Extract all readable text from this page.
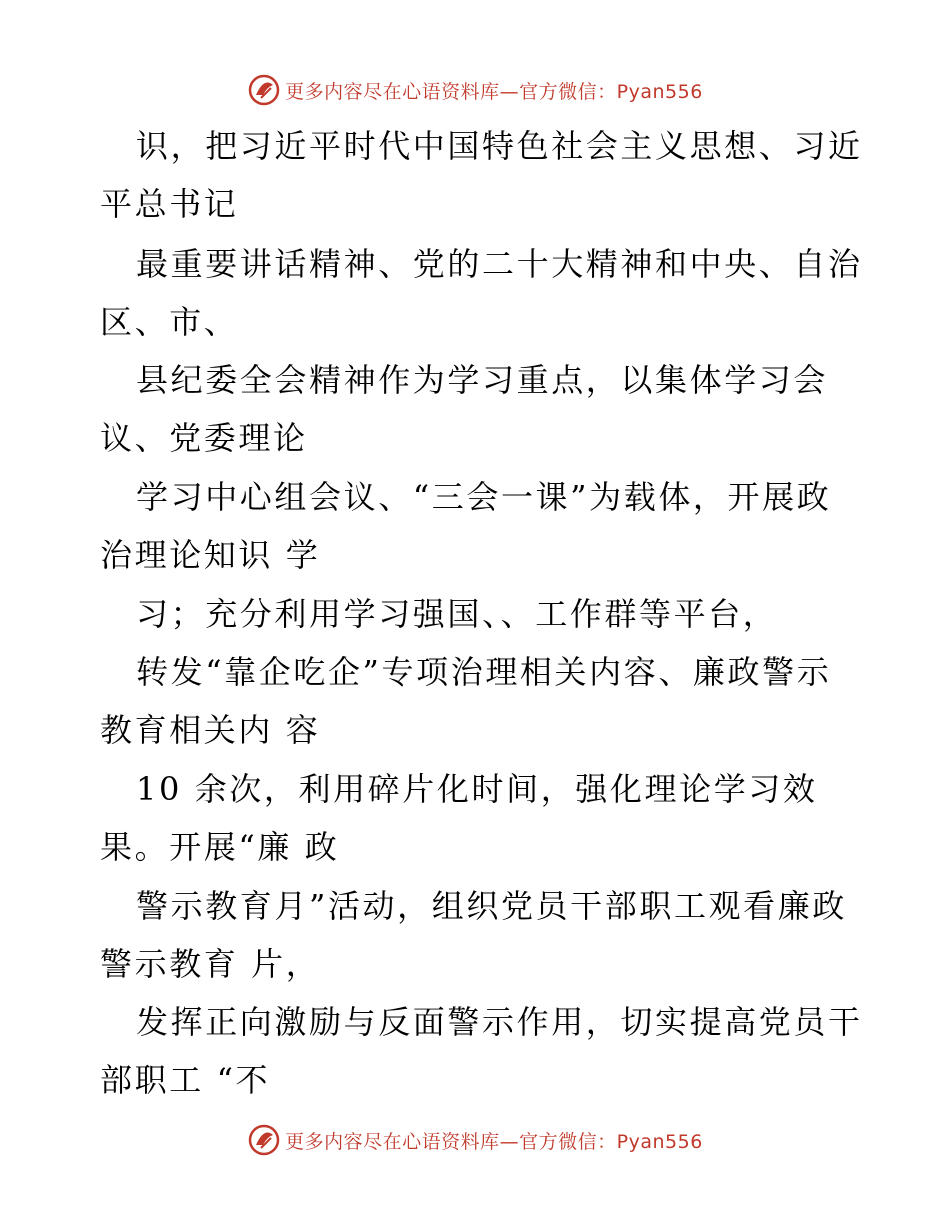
更多内容尽在心语资料库—官方微信：Pyan556
识，把习近平时代中国特色社会主义思想、习近
平总书记
最重要讲话精神、党的二十大精神和中央、自治
区、市、
县纪委全会精神作为学习重点，以集体学习会
议、党委理论
学习中心组会议、“三会一课”为载体，开展政
治理论知识 学
习；充分利用学习强国、、工作群等平台，
转发“靠企吃企”专项治理相关内容、廉政警示
教育相关内 容
10 余次，利用碎片化时间，强化理论学习效
果。开展“廉 政
警示教育月”活动，组织党员干部职工观看廉政
警示教育 片，
发挥正向激励与反面警示作用，切实提高党员干
部职工 “不
更多内容尽在心语资料库—官方微信：Pyan556
